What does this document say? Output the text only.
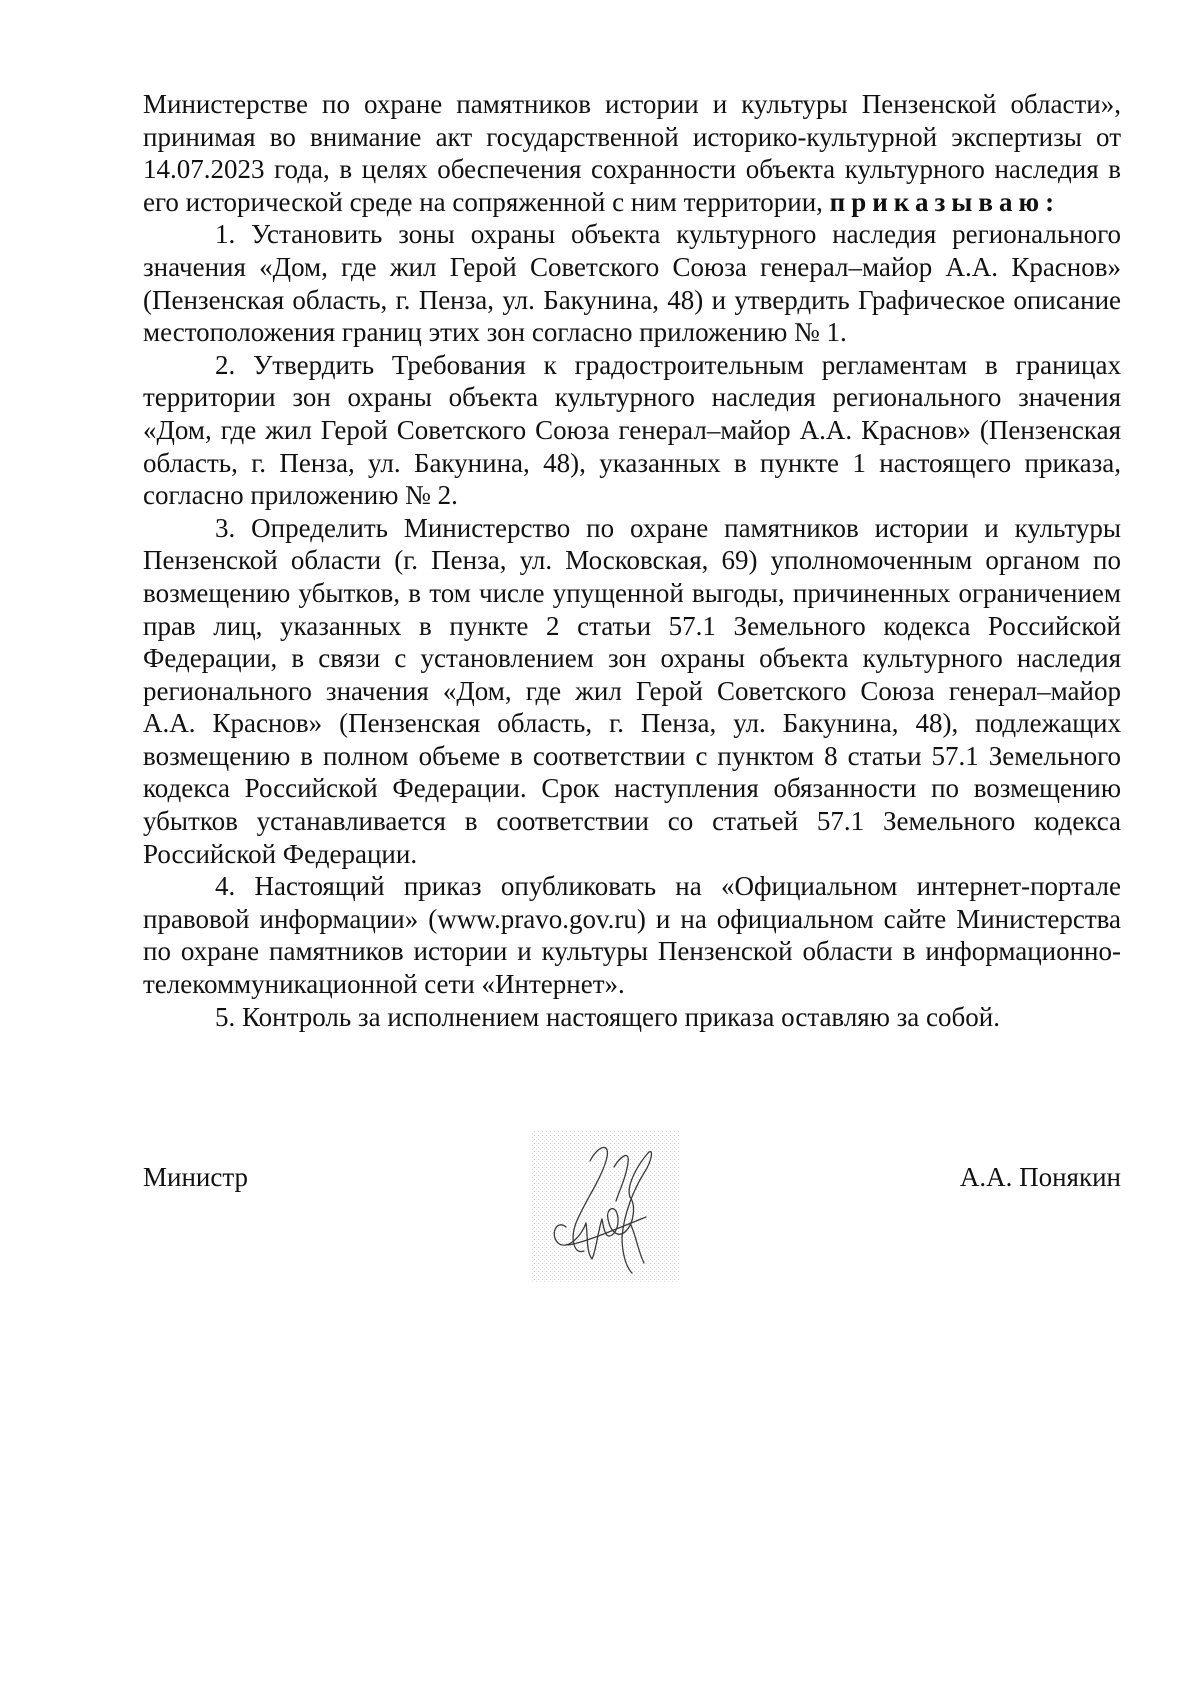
Министерстве по охране памятников истории и культуры Пензенской области», принимая во внимание акт государственной историко-культурной экспертизы от 14.07.2023 года, в целях обеспечения сохранности объекта культурного наследия в его исторической среде на сопряженной с ним территории, приказываю:

1. Установить зоны охраны объекта культурного наследия регионального значения «Дом, где жил Герой Советского Союза генерал–майор А.А. Краснов» (Пензенская область, г. Пенза, ул. Бакунина, 48) и утвердить Графическое описание местоположения границ этих зон согласно приложению № 1.

2. Утвердить Требования к градостроительным регламентам в границах территории зон охраны объекта культурного наследия регионального значения «Дом, где жил Герой Советского Союза генерал–майор А.А. Краснов» (Пензенская область, г. Пенза, ул. Бакунина, 48), указанных в пункте 1 настоящего приказа, согласно приложению № 2.

3. Определить Министерство по охране памятников истории и культуры Пензенской области (г. Пенза, ул. Московская, 69) уполномоченным органом по возмещению убытков, в том числе упущенной выгоды, причиненных ограничением прав лиц, указанных в пункте 2 статьи 57.1 Земельного кодекса Российской Федерации, в связи с установлением зон охраны объекта культурного наследия регионального значения «Дом, где жил Герой Советского Союза генерал–майор А.А. Краснов» (Пензенская область, г. Пенза, ул. Бакунина, 48), подлежащих возмещению в полном объеме в соответствии с пунктом 8 статьи 57.1 Земельного кодекса Российской Федерации. Срок наступления обязанности по возмещению убытков устанавливается в соответствии со статьей 57.1 Земельного кодекса Российской Федерации.

4. Настоящий приказ опубликовать на «Официальном интернет-портале правовой информации» (www.pravo.gov.ru) и на официальном сайте Министерства по охране памятников истории и культуры Пензенской области в информационно-телекоммуникационной сети «Интернет».

5. Контроль за исполнением настоящего приказа оставляю за собой.

Министр	А.А. Понякин
